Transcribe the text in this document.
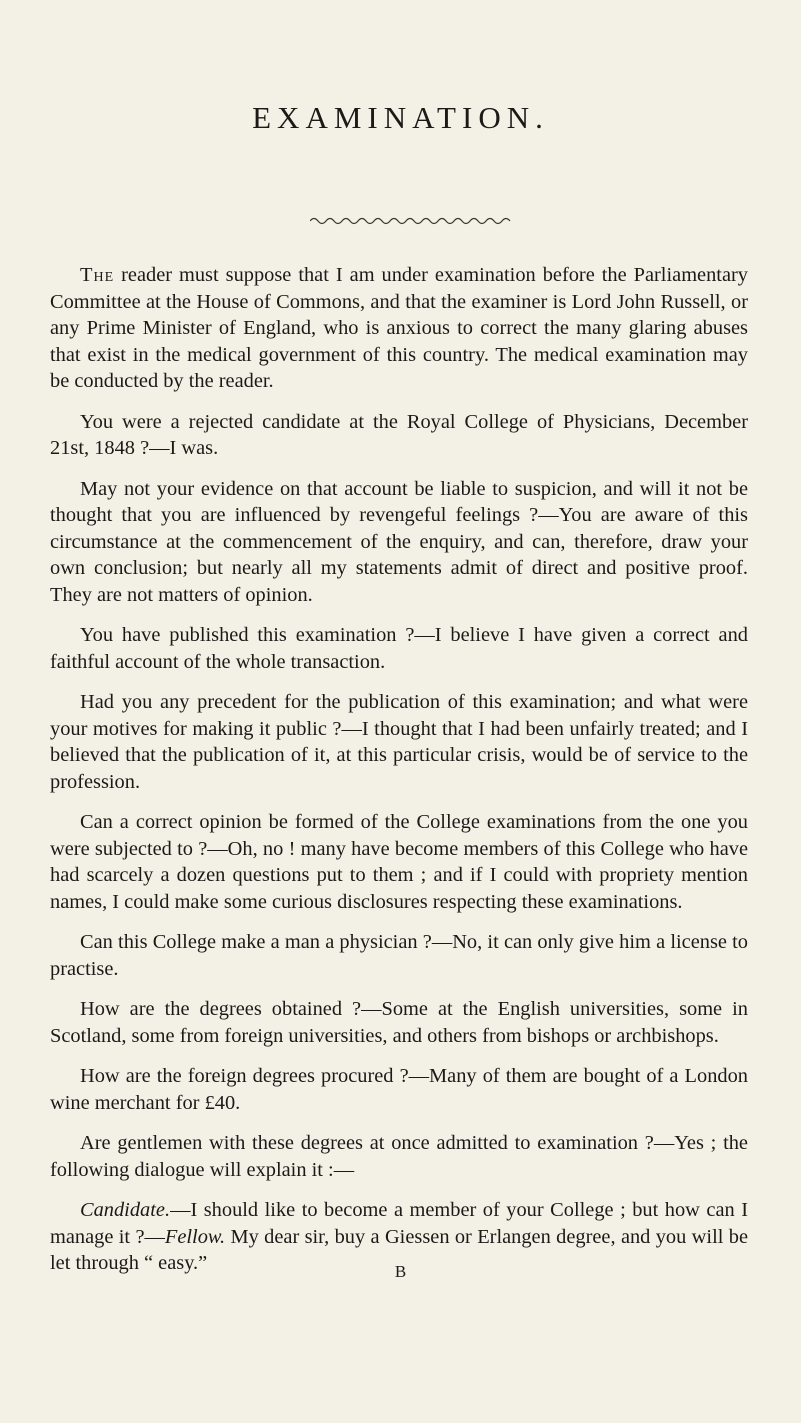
EXAMINATION.

The reader must suppose that I am under examination before the Parliamentary Committee at the House of Commons, and that the examiner is Lord John Russell, or any Prime Minister of England, who is anxious to correct the many glaring abuses that exist in the medical government of this country. The medical examination may be conducted by the reader.

You were a rejected candidate at the Royal College of Physicians, December 21st, 1848 ?—I was.

May not your evidence on that account be liable to suspicion, and will it not be thought that you are influenced by revengeful feelings ?—You are aware of this circumstance at the commencement of the enquiry, and can, therefore, draw your own conclusion; but nearly all my statements admit of direct and positive proof. They are not matters of opinion.

You have published this examination ?—I believe I have given a correct and faithful account of the whole transaction.

Had you any precedent for the publication of this examination; and what were your motives for making it public ?—I thought that I had been unfairly treated; and I believed that the publication of it, at this particular crisis, would be of service to the profession.

Can a correct opinion be formed of the College examinations from the one you were subjected to ?—Oh, no ! many have become members of this College who have had scarcely a dozen questions put to them ; and if I could with propriety mention names, I could make some curious disclosures respecting these examinations.

Can this College make a man a physician ?—No, it can only give him a license to practise.

How are the degrees obtained ?—Some at the English universities, some in Scotland, some from foreign universities, and others from bishops or archbishops.

How are the foreign degrees procured ?—Many of them are bought of a London wine merchant for £40.

Are gentlemen with these degrees at once admitted to examination ?—Yes ; the following dialogue will explain it :—

Candidate.—I should like to become a member of your College ; but how can I manage it ?—Fellow. My dear sir, buy a Giessen or Erlangen degree, and you will be let through “ easy.”	B
